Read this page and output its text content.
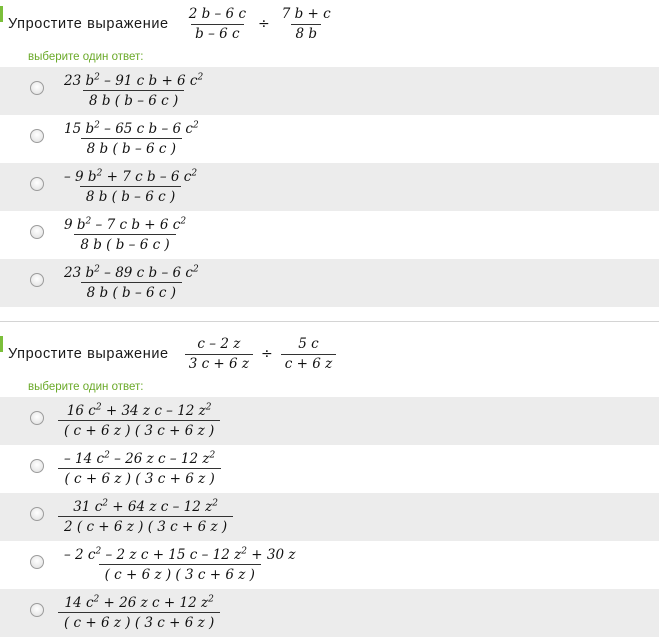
Упростите выражение	$\frac{2 b - 6 c}{b - 6 c} \div \frac{7 b + c}{8 b}$
выберите один ответ:
$\frac{23 b^2 - 91 c b + 6 c^2}{8 b ( b - 6 c )}$
$\frac{15 b^2 - 65 c b - 6 c^2}{8 b ( b - 6 c )}$
$\frac{- 9 b^2 + 7 c b - 6 c^2}{8 b ( b - 6 c )}$
$\frac{9 b^2 - 7 c b + 6 c^2}{8 b ( b - 6 c )}$
$\frac{23 b^2 - 89 c b - 6 c^2}{8 b ( b - 6 c )}$
Упростите выражение	$\frac{c - 2 z}{3 c + 6 z} \div \frac{5 c}{c + 6 z}$
выберите один ответ:
$\frac{16 c^2 + 34 z c - 12 z^2}{( c + 6 z ) ( 3 c + 6 z )}$
$\frac{- 14 c^2 - 26 z c - 12 z^2}{( c + 6 z ) ( 3 c + 6 z )}$
$\frac{31 c^2 + 64 z c - 12 z^2}{2 ( c + 6 z ) ( 3 c + 6 z )}$
$\frac{- 2 c^2 - 2 z c + 15 c - 12 z^2 + 30 z}{( c + 6 z ) ( 3 c + 6 z )}$
$\frac{14 c^2 + 26 z c + 12 z^2}{( c + 6 z ) ( 3 c + 6 z )}$
